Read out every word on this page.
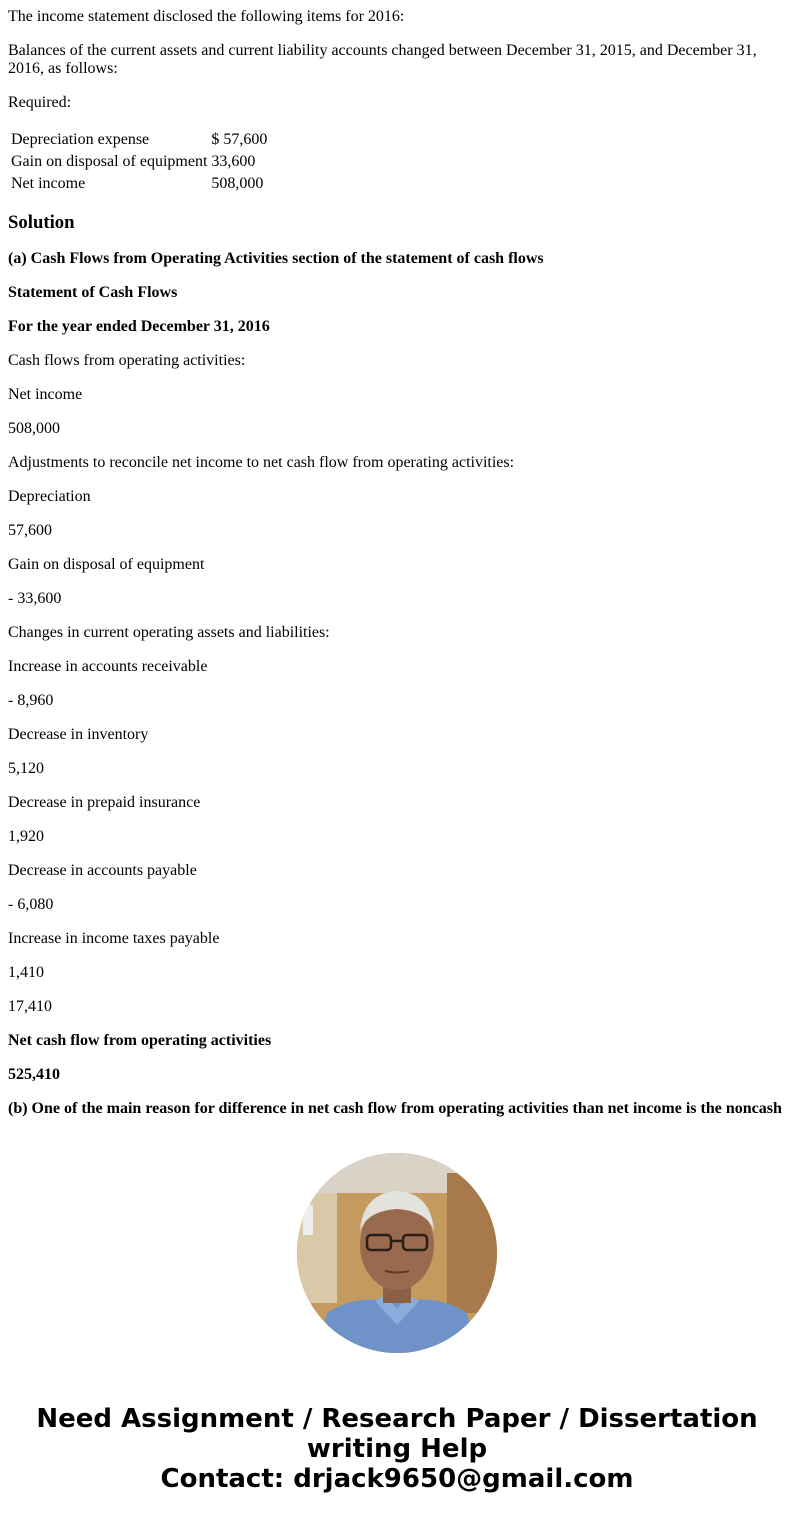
The income statement disclosed the following items for 2016:

Balances of the current assets and current liability accounts changed between December 31, 2015, and December 31, 2016, as follows:

Required:

Depreciation expense	$ 57,600
Gain on disposal of equipment	33,600
Net income	508,000
Solution

(a) Cash Flows from Operating Activities section of the statement of cash flows

Statement of Cash Flows

For the year ended December 31, 2016

Cash flows from operating activities:

Net income

508,000

Adjustments to reconcile net income to net cash flow from operating activities:

Depreciation

57,600

Gain on disposal of equipment

- 33,600

Changes in current operating assets and liabilities:

Increase in accounts receivable

- 8,960

Decrease in inventory

5,120

Decrease in prepaid insurance

1,920

Decrease in accounts payable

- 6,080

Increase in income taxes payable

1,410

17,410

Net cash flow from operating activities

525,410

(b) One of the main reason for difference in net cash flow from operating activities than net income is the noncash

Need Assignment / Research Paper / Dissertation
writing Help
Contact: drjack9650@gmail.com
